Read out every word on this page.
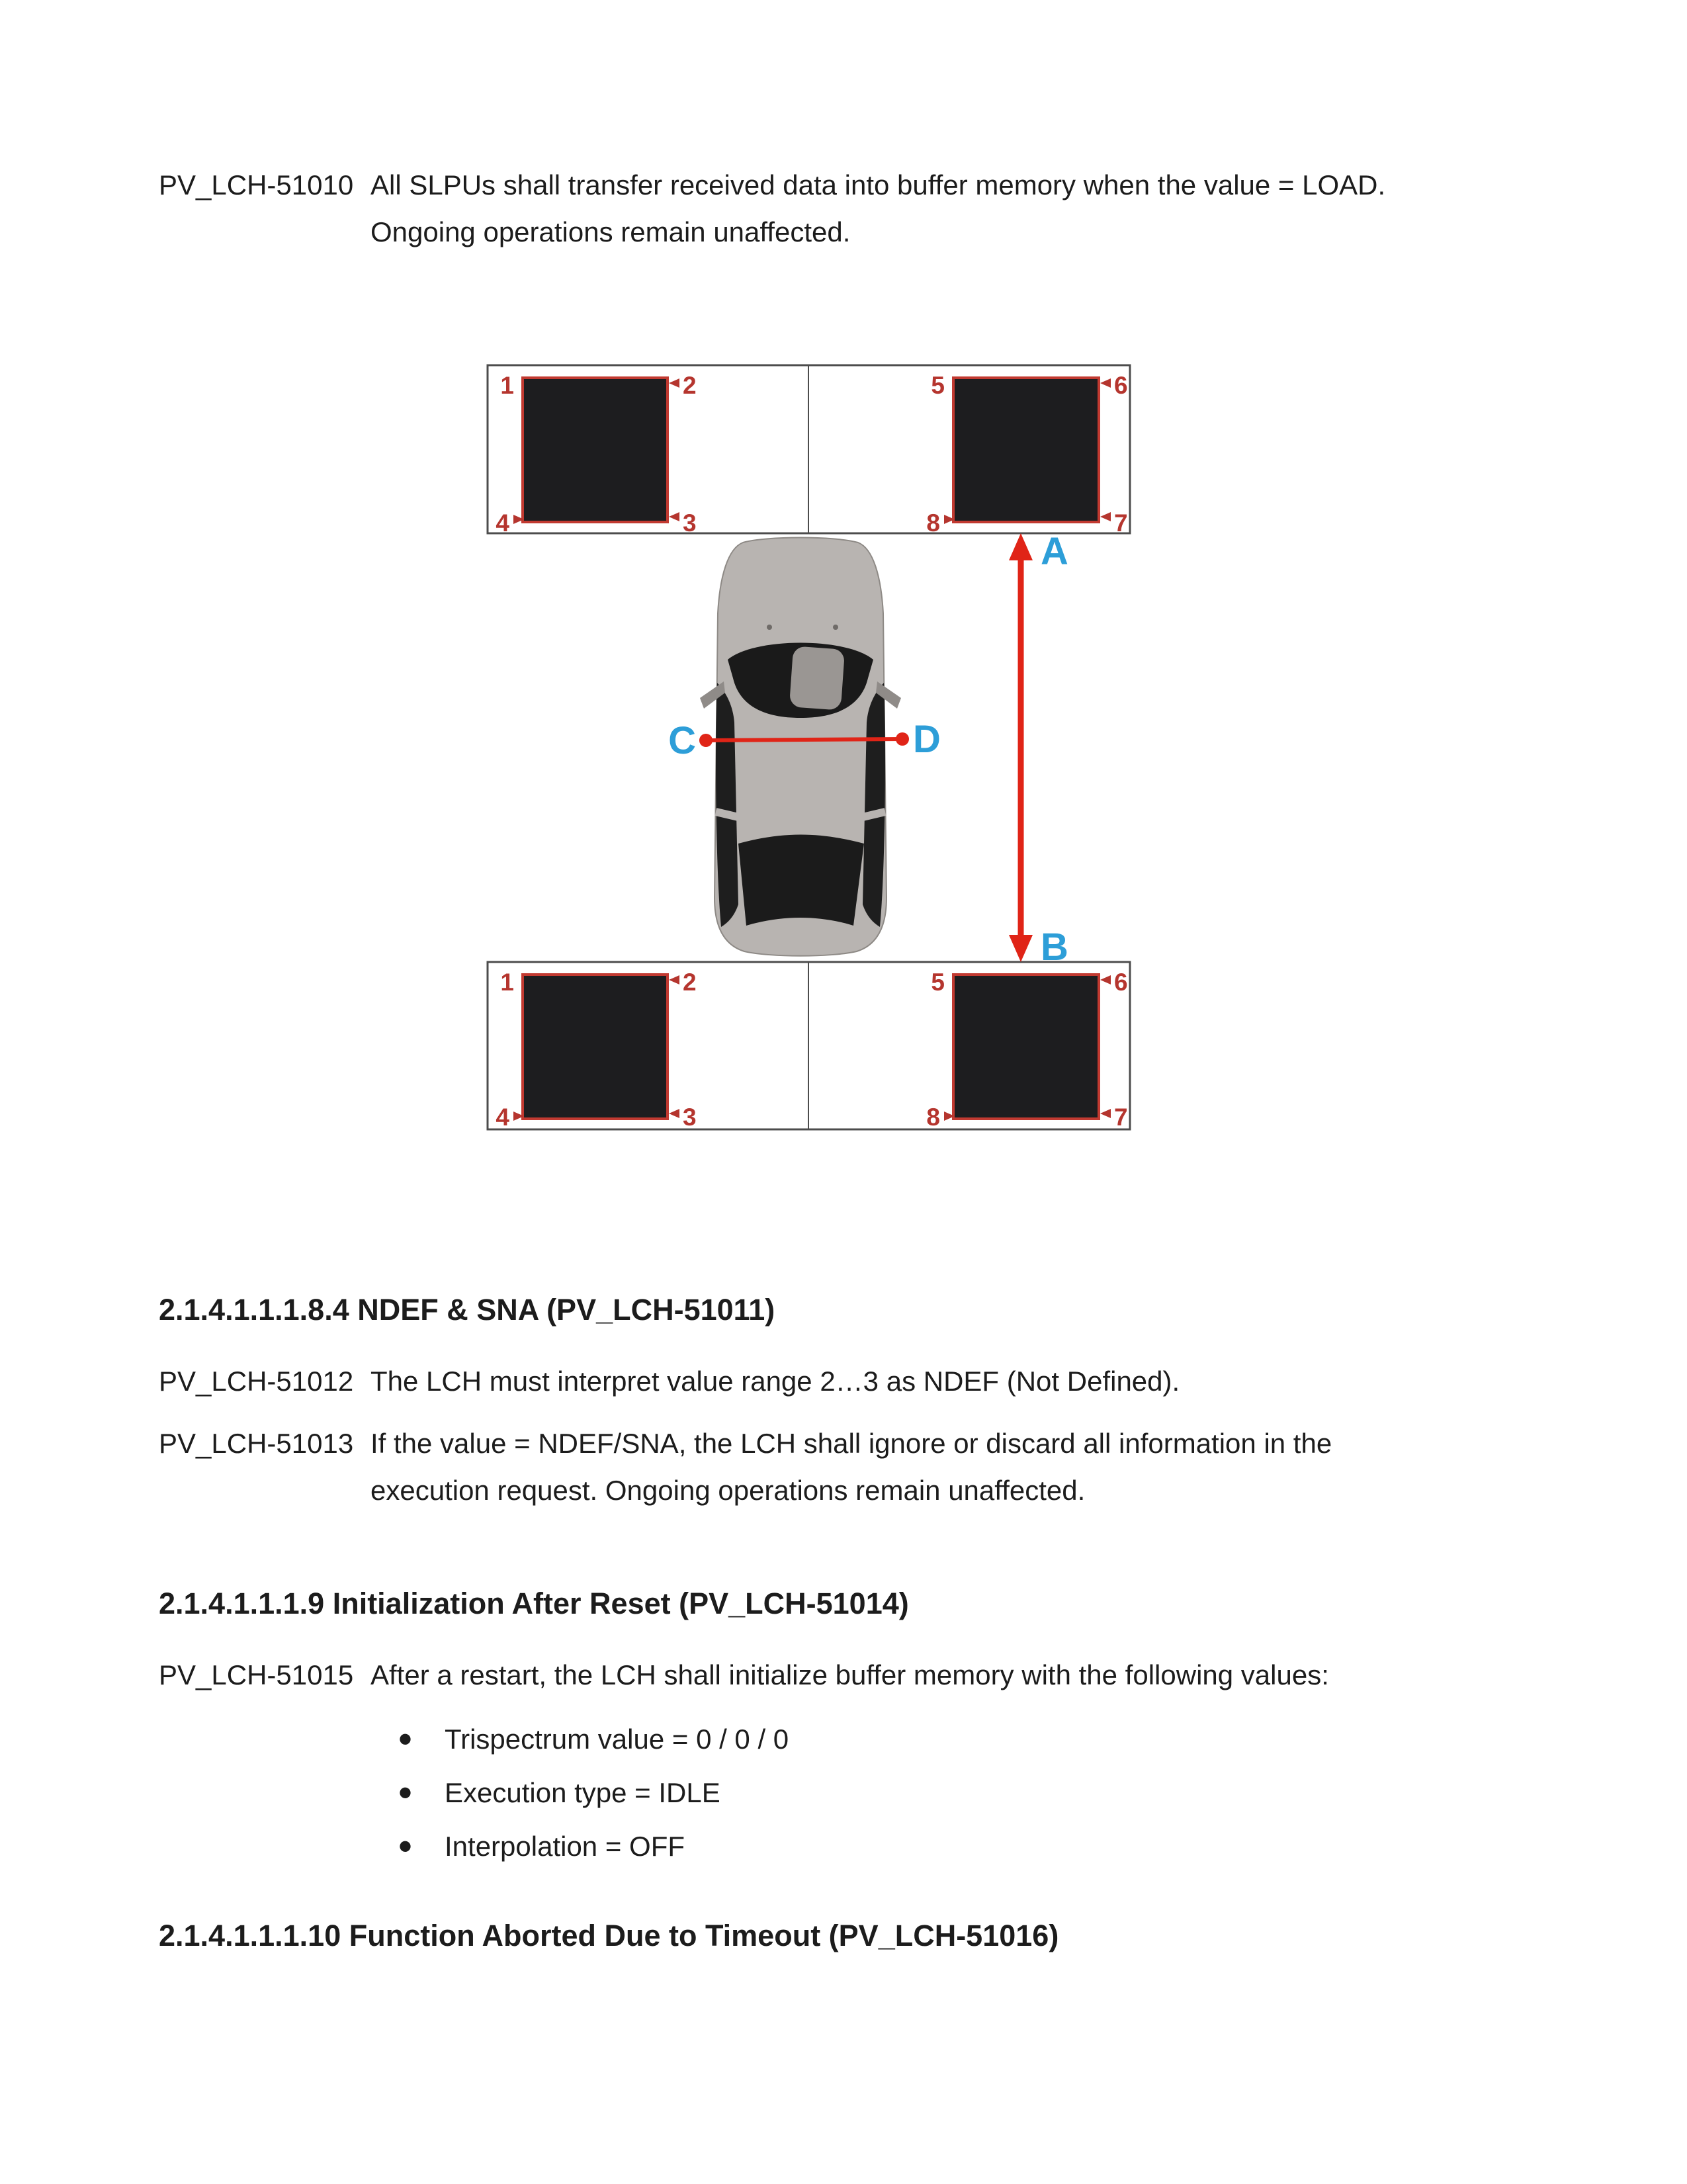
PV_LCH-51010 All SLPUs shall transfer received data into buffer memory when the value = LOAD.
Ongoing operations remain unaffected.
1	2
3
4
5	6
7
8
1	2
3
4
5	6
7
8
C	D
A
B
2.1.4.1.1.1.8.4 NDEF & SNA (PV_LCH-51011)
PV_LCH-51012 The LCH must interpret value range 2…3 as NDEF (Not Defined).
PV_LCH-51013 If the value = NDEF/SNA, the LCH shall ignore or discard all information in the
execution request. Ongoing operations remain unaffected.
2.1.4.1.1.1.9 Initialization After Reset (PV_LCH-51014)
PV_LCH-51015 After a restart, the LCH shall initialize buffer memory with the following values:
•	Trispectrum value = 0 / 0 / 0
•	Execution type = IDLE
•	Interpolation = OFF
2.1.4.1.1.1.10 Function Aborted Due to Timeout (PV_LCH-51016)
